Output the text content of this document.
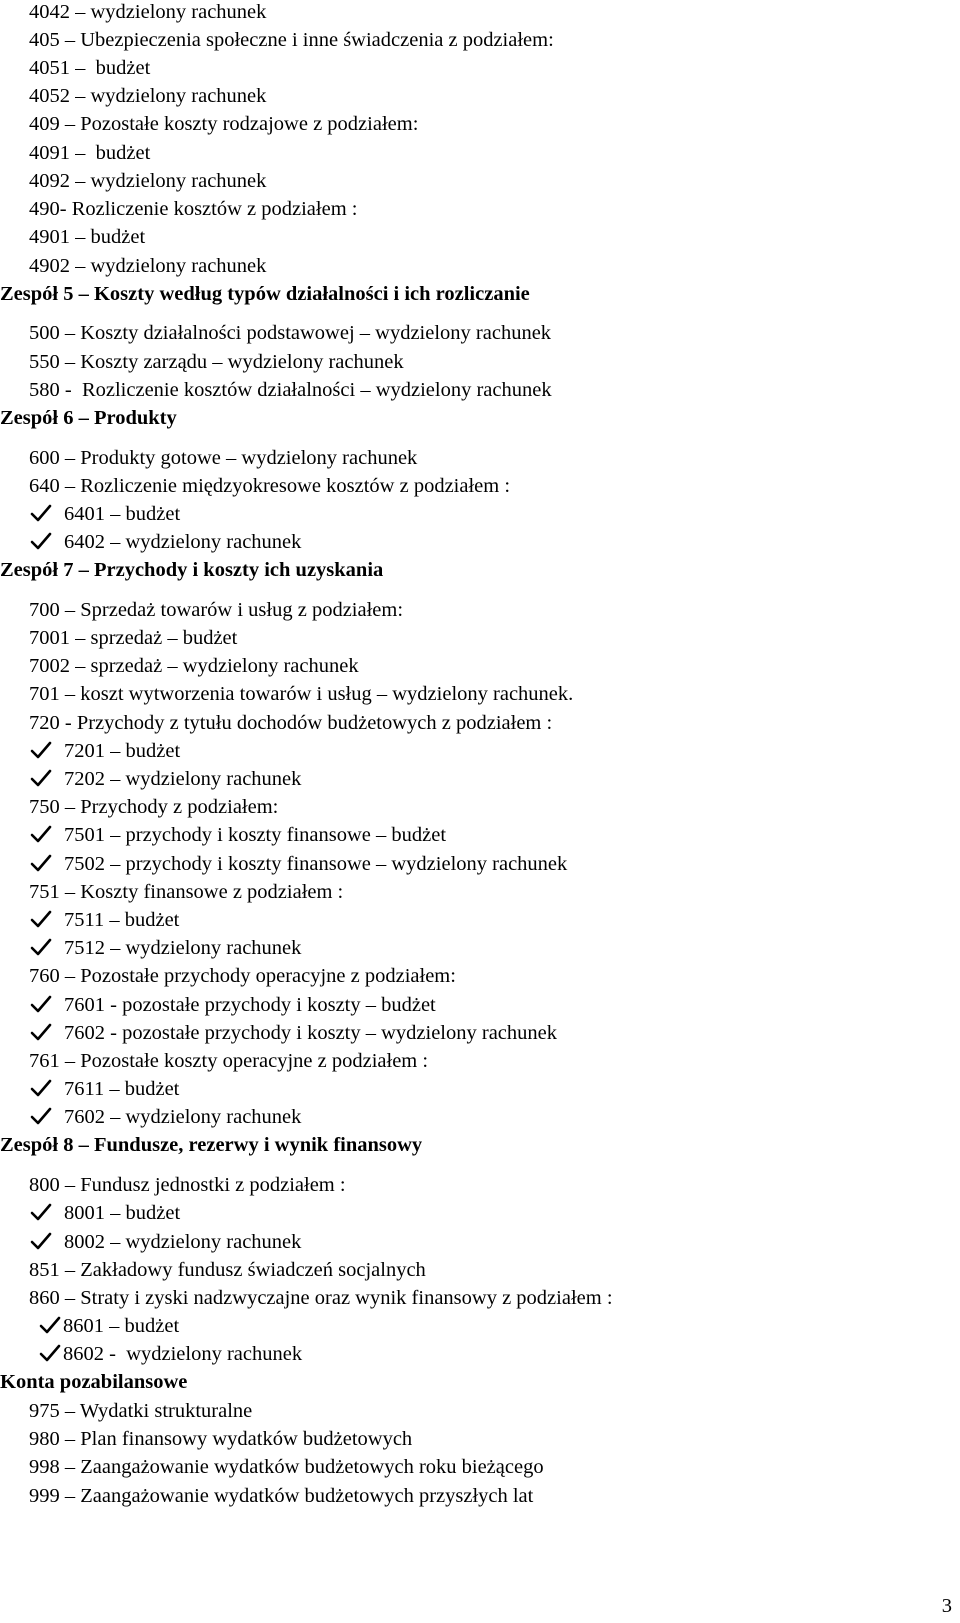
4042 – wydzielony rachunek
405 – Ubezpieczenia społeczne i inne świadczenia z podziałem:
4051 –  budżet
4052 – wydzielony rachunek
409 – Pozostałe koszty rodzajowe z podziałem:
4091 –  budżet
4092 – wydzielony rachunek
490- Rozliczenie kosztów z podziałem :
4901 – budżet
4902 – wydzielony rachunek
Zespół 5 – Koszty według typów działalności i ich rozliczanie
500 – Koszty działalności podstawowej – wydzielony rachunek
550 – Koszty zarządu – wydzielony rachunek
580 -  Rozliczenie kosztów działalności – wydzielony rachunek
Zespół 6 – Produkty
600 – Produkty gotowe – wydzielony rachunek
640 – Rozliczenie międzyokresowe kosztów z podziałem :
6401 – budżet
6402 – wydzielony rachunek
Zespół 7 – Przychody i koszty ich uzyskania
700 – Sprzedaż towarów i usług z podziałem:
7001 – sprzedaż – budżet
7002 – sprzedaż – wydzielony rachunek
701 – koszt wytworzenia towarów i usług – wydzielony rachunek.
720 - Przychody z tytułu dochodów budżetowych z podziałem :
7201 – budżet
7202 – wydzielony rachunek
750 – Przychody z podziałem:
7501 – przychody i koszty finansowe – budżet
7502 – przychody i koszty finansowe – wydzielony rachunek
751 – Koszty finansowe z podziałem :
7511 – budżet
7512 – wydzielony rachunek
760 – Pozostałe przychody operacyjne z podziałem:
7601 - pozostałe przychody i koszty – budżet
7602 - pozostałe przychody i koszty – wydzielony rachunek
761 – Pozostałe koszty operacyjne z podziałem :
7611 – budżet
7602 – wydzielony rachunek
Zespół 8 – Fundusze, rezerwy i wynik finansowy
800 – Fundusz jednostki z podziałem :
8001 – budżet
8002 – wydzielony rachunek
851 – Zakładowy fundusz świadczeń socjalnych
860 – Straty i zyski nadzwyczajne oraz wynik finansowy z podziałem :
8601 – budżet
8602 -  wydzielony rachunek
Konta pozabilansowe
975 – Wydatki strukturalne
980 – Plan finansowy wydatków budżetowych
998 – Zaangażowanie wydatków budżetowych roku bieżącego
999 – Zaangażowanie wydatków budżetowych przyszłych lat
3
